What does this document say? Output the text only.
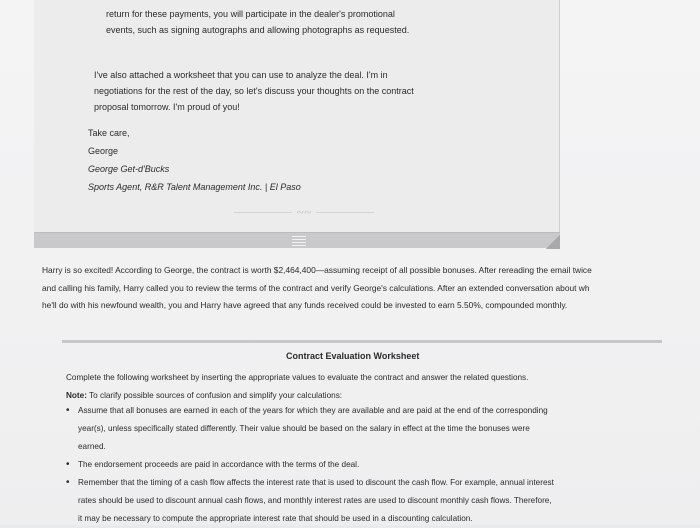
return for these payments, you will participate in the dealer's promotional
events, such as signing autographs and allowing photographs as requested.
I've also attached a worksheet that you can use to analyze the deal. I'm in
negotiations for the rest of the day, so let's discuss your thoughts on the contract
proposal tomorrow. I'm proud of you!
Take care,
George
George Get-d'Bucks
Sports Agent, R&R Talent Management Inc. | El Paso
∾∾
Harry is so excited! According to George, the contract is worth $2,464,400—assuming receipt of all possible bonuses. After rereading the email twice
and calling his family, Harry called you to review the terms of the contract and verify George's calculations. After an extended conversation about wh
he'll do with his newfound wealth, you and Harry have agreed that any funds received could be invested to earn 5.50%, compounded monthly.
Contract Evaluation Worksheet
Complete the following worksheet by inserting the appropriate values to evaluate the contract and answer the related questions.
Note: To clarify possible sources of confusion and simplify your calculations:
• Assume that all bonuses are earned in each of the years for which they are available and are paid at the end of the corresponding
year(s), unless specifically stated differently. Their value should be based on the salary in effect at the time the bonuses were
earned.
• The endorsement proceeds are paid in accordance with the terms of the deal.
• Remember that the timing of a cash flow affects the interest rate that is used to discount the cash flow. For example, annual interest
rates should be used to discount annual cash flows, and monthly interest rates are used to discount monthly cash flows. Therefore,
it may be necessary to compute the appropriate interest rate that should be used in a discounting calculation.
